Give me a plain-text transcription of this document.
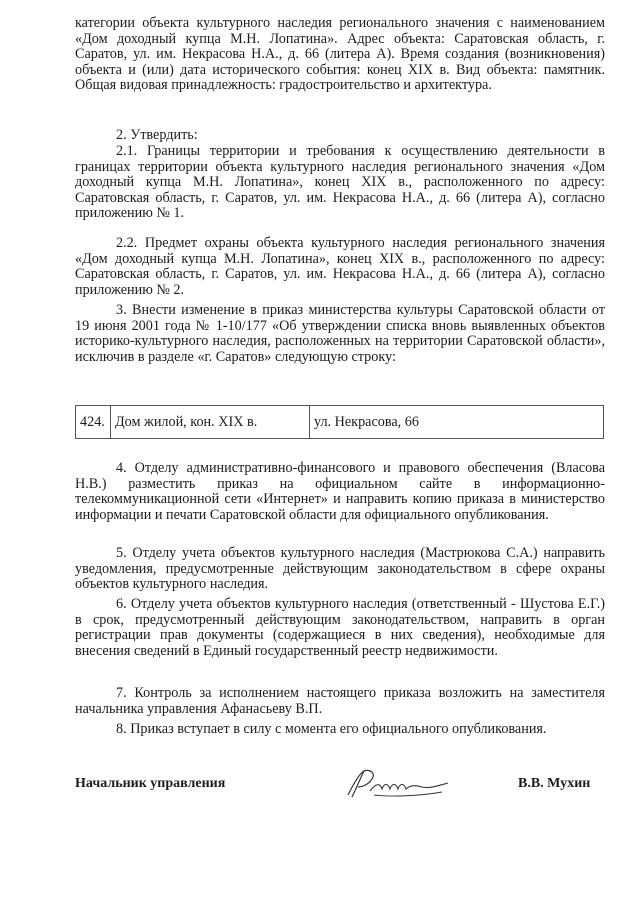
категории объекта культурного наследия регионального значения с наименованием «Дом доходный купца М.Н. Лопатина». Адрес объекта: Саратовская область, г. Саратов, ул. им. Некрасова Н.А., д. 66 (литера А). Время создания (возникновения) объекта и (или) дата исторического события: конец XIX в. Вид объекта: памятник. Общая видовая принадлежность: градостроительство и архитектура.

2. Утвердить:

2.1. Границы территории и требования к осуществлению деятельности в границах территории объекта культурного наследия регионального значения «Дом доходный купца М.Н. Лопатина», конец XIX в., расположенного по адресу: Саратовская область, г. Саратов, ул. им. Некрасова Н.А., д. 66 (литера А), согласно приложению № 1.

2.2. Предмет охраны объекта культурного наследия регионального значения «Дом доходный купца М.Н. Лопатина», конец XIX в., расположенного по адресу: Саратовская область, г. Саратов, ул. им. Некрасова Н.А., д. 66 (литера А), согласно приложению № 2.

3. Внести изменение в приказ министерства культуры Саратовской области от 19 июня 2001 года № 1-10/177 «Об утверждении списка вновь выявленных объектов историко-культурного наследия, расположенных на территории Саратовской области», исключив в разделе «г. Саратов» следующую строку:

424.	Дом жилой, кон. XIX в.	ул. Некрасова, 66

4. Отделу административно-финансового и правового обеспечения (Власова Н.В.) разместить приказ на официальном сайте в информационно-телекоммуникационной сети «Интернет» и направить копию приказа в министерство информации и печати Саратовской области для официального опубликования.

5. Отделу учета объектов культурного наследия (Мастрюкова С.А.) направить уведомления, предусмотренные действующим законодательством в сфере охраны объектов культурного наследия.

6. Отделу учета объектов культурного наследия (ответственный - Шустова Е.Г.) в срок, предусмотренный действующим законодательством, направить в орган регистрации прав документы (содержащиеся в них сведения), необходимые для внесения сведений в Единый государственный реестр недвижимости.

7. Контроль за исполнением настоящего приказа возложить на заместителя начальника управления Афанасьеву В.П.

8. Приказ вступает в силу с момента его официального опубликования.

Начальник управления	В.В. Мухин
